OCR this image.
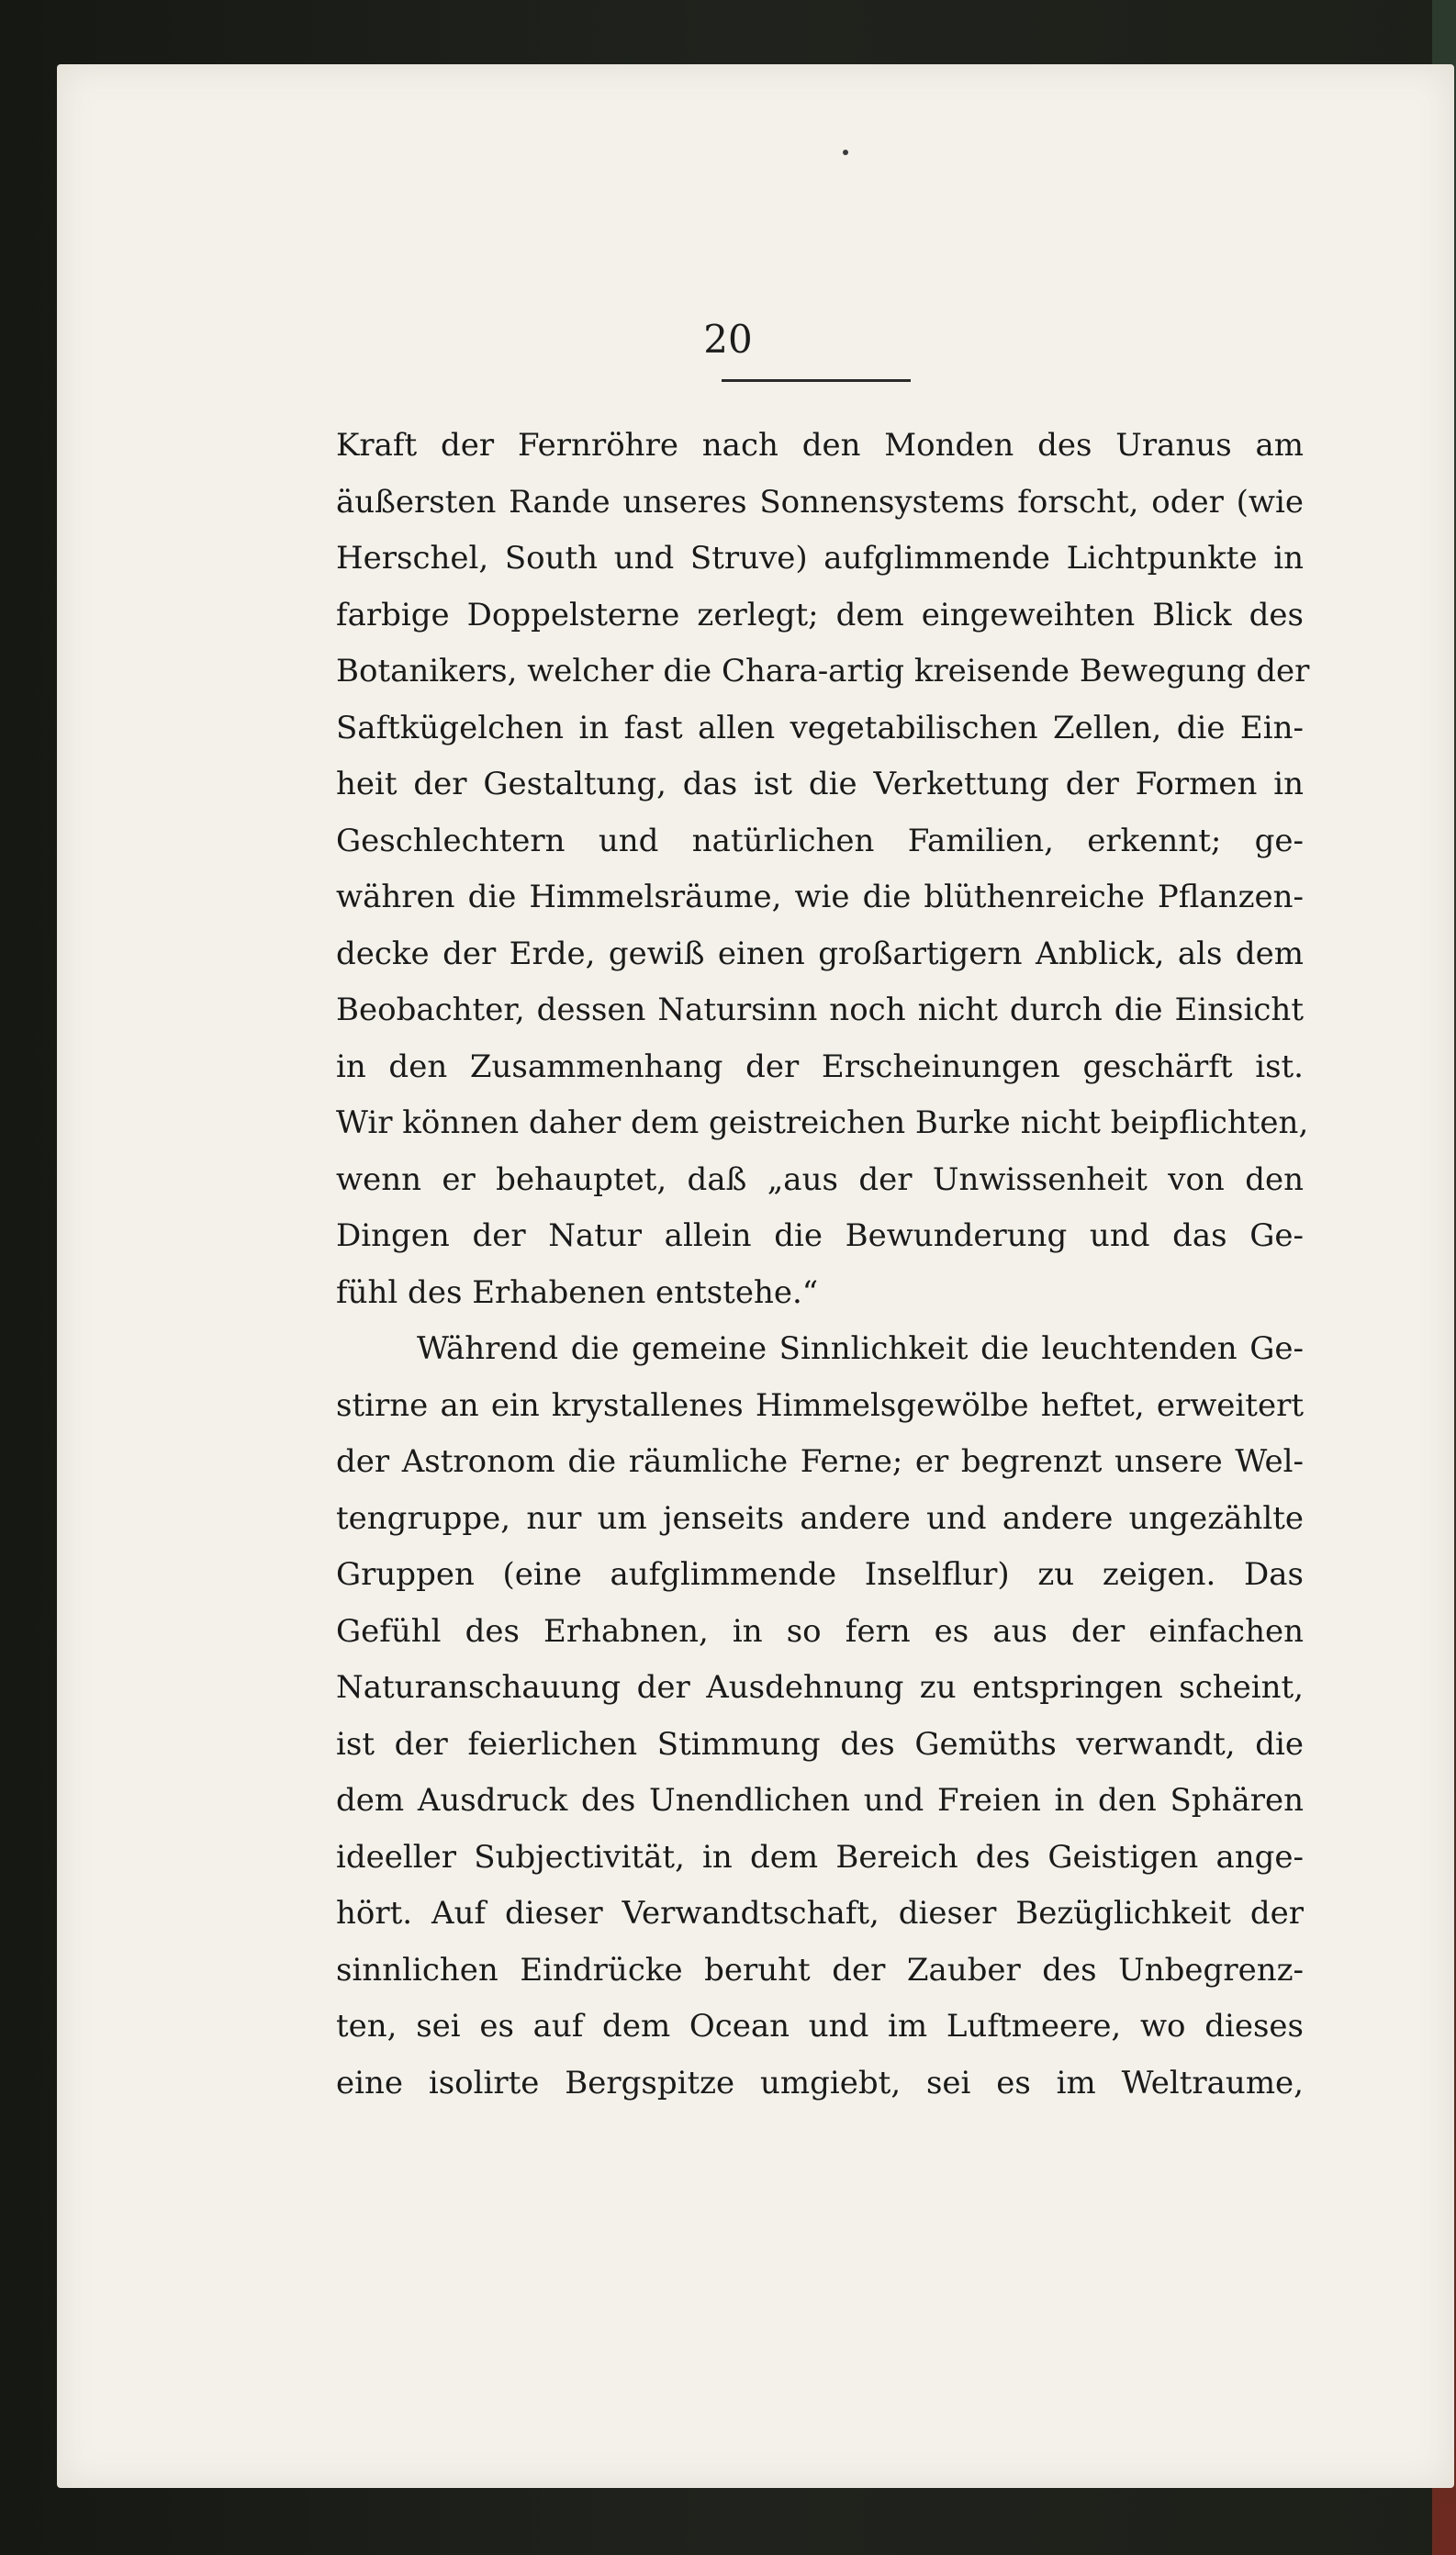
20
Kraft der Fernröhre nach den Monden des Uranus am
äußersten Rande unseres Sonnensystems forscht, oder (wie
Herschel, South und Struve) aufglimmende Lichtpunkte in
farbige Doppelsterne zerlegt; dem eingeweihten Blick des
Botanikers, welcher die Chara-artig kreisende Bewegung der
Saftkügelchen in fast allen vegetabilischen Zellen, die Ein-
heit der Gestaltung, das ist die Verkettung der Formen in
Geschlechtern und natürlichen Familien, erkennt; ge-
währen die Himmelsräume, wie die blüthenreiche Pflanzen-
decke der Erde, gewiß einen großartigern Anblick, als dem
Beobachter, dessen Natursinn noch nicht durch die Einsicht
in den Zusammenhang der Erscheinungen geschärft ist.
Wir können daher dem geistreichen Burke nicht beipflichten,
wenn er behauptet, daß „aus der Unwissenheit von den
Dingen der Natur allein die Bewunderung und das Ge-
fühl des Erhabenen entstehe.“
Während die gemeine Sinnlichkeit die leuchtenden Ge-
stirne an ein krystallenes Himmelsgewölbe heftet, erweitert
der Astronom die räumliche Ferne; er begrenzt unsere Wel-
tengruppe, nur um jenseits andere und andere ungezählte
Gruppen (eine aufglimmende Inselflur) zu zeigen. Das
Gefühl des Erhabnen, in so fern es aus der einfachen
Naturanschauung der Ausdehnung zu entspringen scheint,
ist der feierlichen Stimmung des Gemüths verwandt, die
dem Ausdruck des Unendlichen und Freien in den Sphären
ideeller Subjectivität, in dem Bereich des Geistigen ange-
hört. Auf dieser Verwandtschaft, dieser Bezüglichkeit der
sinnlichen Eindrücke beruht der Zauber des Unbegrenz-
ten, sei es auf dem Ocean und im Luftmeere, wo dieses
eine isolirte Bergspitze umgiebt, sei es im Weltraume,
